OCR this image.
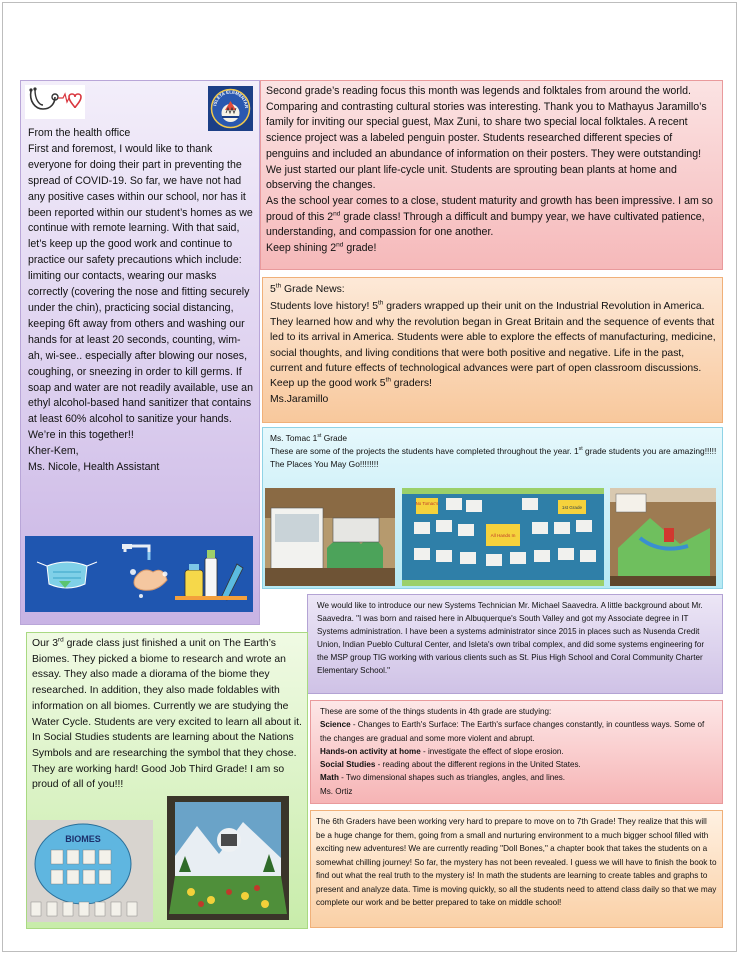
ISLETA ELEMENTAR

From the health office

First and foremost, I would like to thank everyone for doing their part in preventing the spread of COVID-19. So far, we have not had any positive cases within our school, nor has it been reported within our student’s homes as we continue with remote learning. With that said, let’s keep up the good work and continue to practice our safety precautions which include: limiting our contacts, wearing our masks correctly (covering the nose and fitting securely under the chin), practicing social distancing, keeping 6ft away from others and washing our hands for at least 20 seconds, counting, wim-ah, wi-see.. especially after blowing our noses, coughing, or sneezing in order to kill germs. If soap and water are not readily available, use an ethyl alcohol-based hand sanitizer that contains at least 60% alcohol to sanitize your hands.

We’re in this together!!

Kher-Kem,

Ms. Nicole, Health Assistant

Second grade’s reading focus this month was legends and folktales from around the world. Comparing and contrasting cultural stories was interesting. Thank you to Mathayus Jaramillo’s family for inviting our special guest, Max Zuni, to share two special local folktales. A recent science project was a labeled penguin poster. Students researched different species of penguins and included an abundance of information on their posters. They were outstanding! We just started our plant life-cycle unit. Students are sprouting bean plants at home and observing the changes.

As the school year comes to a close, student maturity and growth has been impressive. I am so proud of this 2nd grade class! Through a difficult and bumpy year, we have cultivated patience, understanding, and compassion for one another.

Keep shining 2nd grade!

5th Grade News:

Students love history! 5th graders wrapped up their unit on the Industrial Revolution in America. They learned how and why the revolution began in Great Britain and the sequence of events that led to its arrival in America. Students were able to explore the effects of manufacturing, medicine, social thoughts, and living conditions that were both positive and negative. Life in the past, current and future effects of technological advances were part of open classroom discussions. Keep up the good work 5th graders!

Ms.Jaramillo

Ms. Tomac 1st Grade

These are some of the projects the students have completed throughout the year. 1st grade students you are amazing!!!!!

The Places You May Go!!!!!!!!

No Tomac's
1st Grade
All Hands In

We would like to introduce our new Systems Technician Mr. Michael Saavedra. A little background about Mr. Saavedra. "I was born and raised here in Albuquerque's South Valley and got my Associate degree in IT Systems administration. I have been a systems administrator since 2015 in places such as Nusenda Credit Union, Indian Pueblo Cultural Center, and Isleta's own tribal complex, and did some systems engineering for the MSP group TIG working with various clients such as St. Pius High School and Coral Community Charter Elementary School."

These are some of the things students in 4th grade are studying:

Science - Changes to Earth's Surface: The Earth's surface changes constantly, in countless ways. Some of the changes are gradual and some more violent and abrupt.

Hands-on activity at home - investigate the effect of slope erosion.

Social Studies - reading about the different regions in the United States.

Math - Two dimensional shapes such as triangles, angles, and lines.

Ms. Ortiz

Our 3rd grade class just finished a unit on The Earth’s Biomes. They picked a biome to research and wrote an essay. They also made a diorama of the biome they researched. In addition, they also made foldables with information on all biomes. Currently we are studying the Water Cycle. Students are very excited to learn all about it. In Social Studies students are learning about the Nations Symbols and are researching the symbol that they chose. They are working hard! Good Job Third Grade! I am so proud of all of you!!!

BIOMES

The 6th Graders have been working very hard to prepare to move on to 7th Grade! They realize that this will be a huge change for them, going from a small and nurturing environment to a much bigger school filled with exciting new adventures! We are currently reading "Doll Bones," a chapter book that takes the students on a somewhat chilling journey! So far, the mystery has not been revealed. I guess we will have to finish the book to find out what the real truth to the mystery is! In math the students are learning to create tables and graphs to present and analyze data. Time is moving quickly, so all the students need to attend class daily so that we may complete our work and be better prepared to take on middle school!
